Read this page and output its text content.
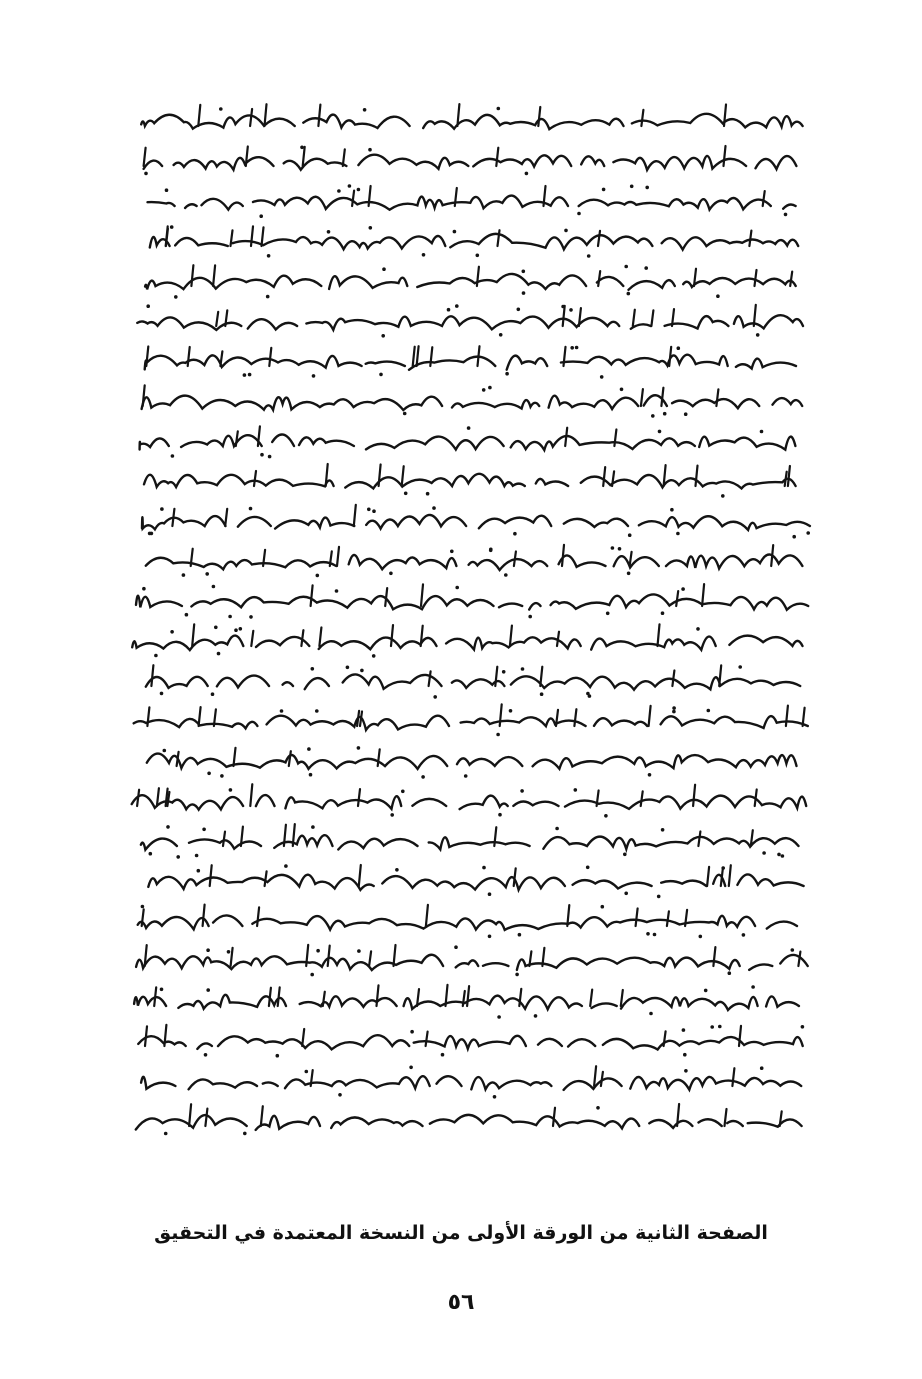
الصفحة الثانية من الورقة الأولى من النسخة المعتمدة في التحقيق
٥٦
